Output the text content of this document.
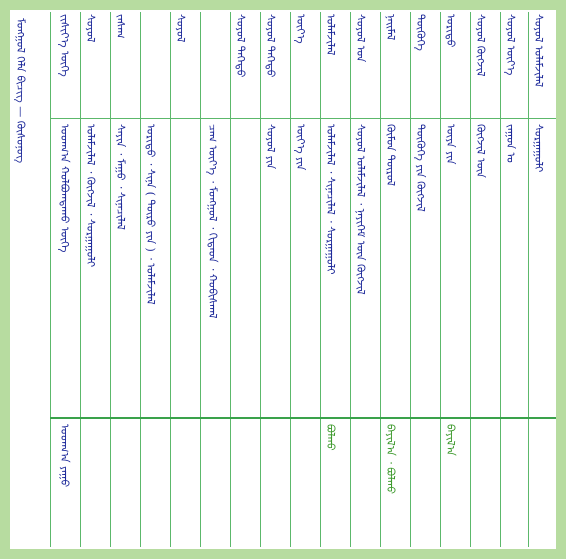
ᠮᠣᠩᠭᠣᠯ ᠬᠡᠯᠡ ᠪᠢᠴᠢᠭ — ᠬᠦᠰᠦᠨᠦᠭ	ᠵᠢᠱᠢᠶ᠎ᠡ ᠦᠭᠡ
ᠤᠳᠬ᠎ᠠ ᠬᠣᠯᠪᠣᠭᠳᠠᠬᠤ ᠦᠭᠡ
ᠤᠳᠬ᠎ᠠ ᠶᠠᠭᠤ
ᠰᠣᠶᠣᠯ ᠤᠯᠠᠮᠵᠢᠯᠠᠯ
ᠰᠤᠷᠭᠠᠭᠤᠯᠢ
ᠰᠣᠶᠣᠯ ᠦᠶ᠎ᠡ
ᠵᠠᠭᠤᠨ ᠤ
ᠰᠣᠶᠣᠯ ᠬᠥᠭᠵᠢᠯ
ᠬᠥᠭᠵᠢᠯ ᠦᠨ
ᠪᠠᠶᠢᠯ᠎ᠠ
ᠤᠷᠢᠳᠤ
ᠦᠶᠡ ᠶᠢᠨ
ᠲᠦᠭᠦᠬᠡ
ᠲᠦᠭᠦᠬᠡ ᠶᠢᠨ ᠬᠥᠭᠵᠢᠯ
ᠪᠠᠶᠢᠯ᠎ᠠ ᠂ ᠪᠣᠯᠬᠤ
ᠨᠠᠢᠮᠠᠯ
ᠬᠦᠮᠦᠨ ᠲᠦᠷᠦᠯ
ᠰᠣᠶᠣᠯ ᠤᠨ
ᠰᠣᠶᠣᠯ ᠤᠯᠠᠮᠵᠢᠯᠠᠯ ᠂ ᠨᠡᠶᠢᠭᠡᠮ ᠦᠨ ᠬᠥᠭᠵᠢᠯ
ᠪᠣᠯᠬᠤ
ᠤᠯᠠᠮᠵᠢᠯᠠᠯ
ᠤᠯᠠᠮᠵᠢᠯᠠᠯ ᠂ ᠰᠢᠨᠡᠴᠢᠯᠡᠯ ᠂ ᠰᠤᠷᠭᠠᠭᠤᠯᠢ
ᠦᠶ᠎ᠡ
ᠦᠶ᠎ᠡ ᠶᠢᠨ
ᠰᠣᠶᠣᠯ ᠳᠡᠭᠡᠳᠦ
ᠰᠣᠶᠣᠯ ᠶᠢᠨ
ᠰᠣᠶᠣᠯ ᠳᠡᠭᠡᠳᠦ
ᠴᠠᠭ ᠦᠶ᠎ᠡ ᠂ ᠮᠣᠩᠭᠣᠯ ᠂ ᠬᠢᠲᠠᠳ ᠂ ᠬᠤᠪᠢᠰᠬᠠᠯ
ᠰᠣᠶᠣᠯ
ᠤᠷᠢᠳᠤ ᠂ ᠰᠢᠨᠡ ( ᠲᠦᠷᠦ ᠶᠢᠨ ) ᠂ ᠤᠯᠠᠮᠵᠢᠯᠠᠯ
ᠵᠠᠰᠠᠭ
ᠰᠠᠶᠢᠨ ᠂ ᠮᠠᠭᠤ ᠂ ᠰᠢᠨᠡᠴᠢᠯᠡᠯ
ᠰᠣᠶᠣᠯ
ᠤᠯᠠᠮᠵᠢᠯᠠᠯ ᠂ ᠬᠥᠭᠵᠢᠯ ᠂ ᠰᠤᠷᠭᠠᠭᠤᠯᠢ
